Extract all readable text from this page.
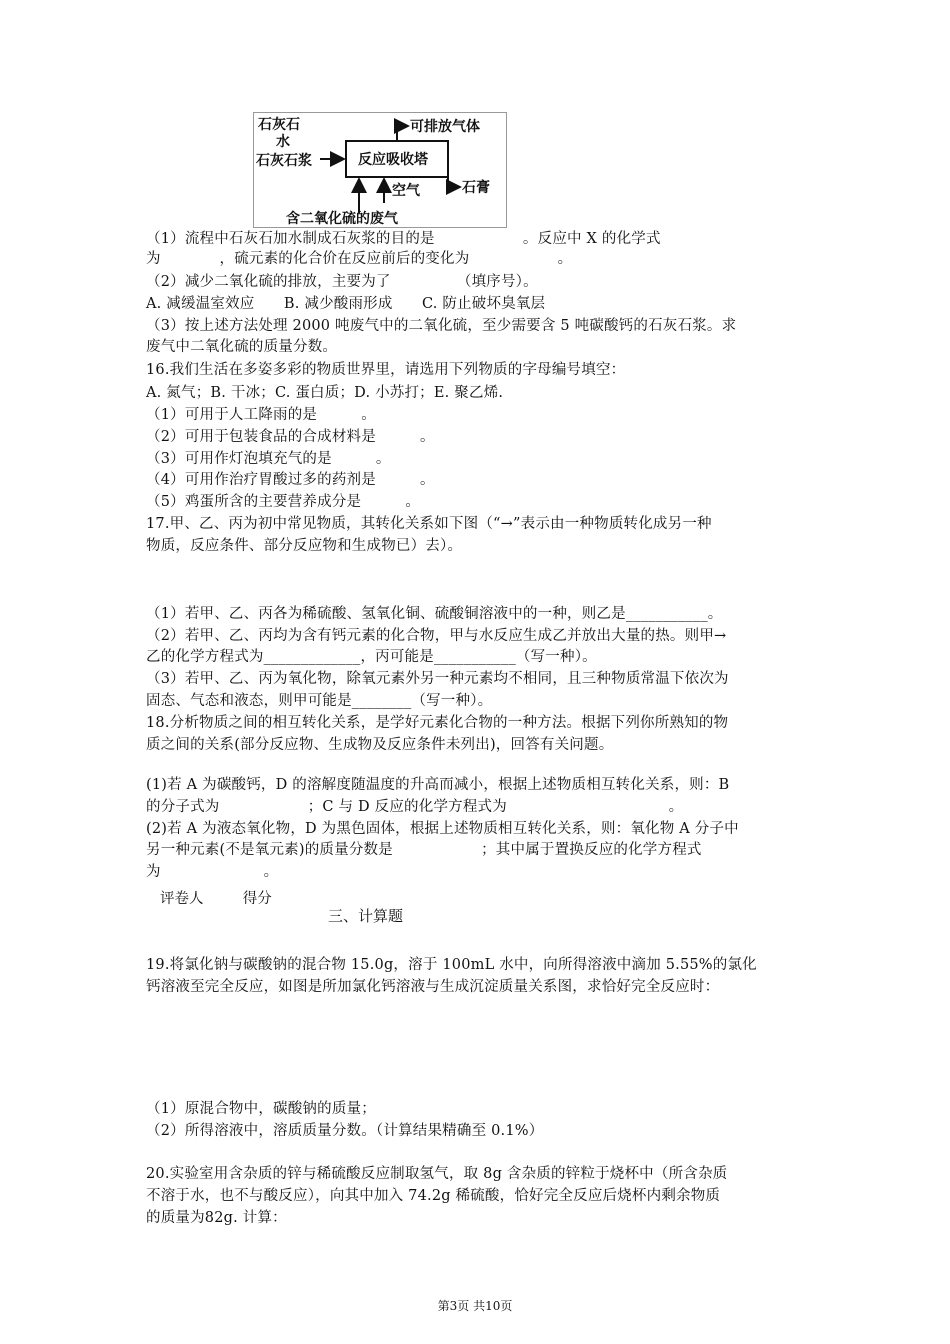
石灰石
水
石灰石浆	反应吸收塔
可排放气体
石膏
空气
含二氧化硫的废气
（1）流程中石灰石加水制成石灰浆的目的是　　　　　　。反应中 X 的化学式
为　　　　，硫元素的化合价在反应前后的变化为　　　　　　。
（2）减少二氧化硫的排放，主要为了　　　　　（填序号）。
A. 减缓温室效应　　B. 减少酸雨形成　　C. 防止破坏臭氧层
（3）按上述方法处理 2000 吨废气中的二氧化硫，至少需要含 5 吨碳酸钙的石灰石浆。求
废气中二氧化硫的质量分数。
16.我们生活在多姿多彩的物质世界里，请选用下列物质的字母编号填空：
A. 氮气；B. 干冰；C. 蛋白质；D. 小苏打；E. 聚乙烯.
（1）可用于人工降雨的是　　　。
（2）可用于包装食品的合成材料是　　　。
（3）可用作灯泡填充气的是　　　。
（4）可用作治疗胃酸过多的药剂是　　　。
（5）鸡蛋所含的主要营养成分是　　　。
17.甲、乙、丙为初中常见物质，其转化关系如下图（“→”表示由一种物质转化成另一种
物质，反应条件、部分反应物和生成物已）去）。
（1）若甲、乙、丙各为稀硫酸、氢氧化铜、硫酸铜溶液中的一种，则乙是___________。
（2）若甲、乙、丙均为含有钙元素的化合物，甲与水反应生成乙并放出大量的热。则甲→
乙的化学方程式为_____________，丙可能是___________（写一种）。
（3）若甲、乙、丙为氧化物，除氧元素外另一种元素均不相同，且三种物质常温下依次为
固态、气态和液态，则甲可能是________（写一种）。
18.分析物质之间的相互转化关系，是学好元素化合物的一种方法。根据下列你所熟知的物
质之间的关系(部分反应物、生成物及反应条件未列出)，回答有关问题。
(1)若 A 为碳酸钙，D 的溶解度随温度的升高而减小，根据上述物质相互转化关系，则：B
的分子式为　　　　　　；C 与 D 反应的化学方程式为　　　　　　　　　　　。
(2)若 A 为液态氧化物，D 为黑色固体，根据上述物质相互转化关系，则：氧化物 A 分子中
另一种元素(不是氧元素)的质量分数是　　　　　　；其中属于置换反应的化学方程式
为　　　　　　　。
评卷人	得分
三、计算题
19.将氯化钠与碳酸钠的混合物 15.0g，溶于 100mL 水中，向所得溶液中滴加 5.55%的氯化
钙溶液至完全反应，如图是所加氯化钙溶液与生成沉淀质量关系图，求恰好完全反应时：
（1）原混合物中，碳酸钠的质量；
（2）所得溶液中，溶质质量分数。（计算结果精确至 0.1%）
20.实验室用含杂质的锌与稀硫酸反应制取氢气，取 8g 含杂质的锌粒于烧杯中（所含杂质
不溶于水，也不与酸反应），向其中加入 74.2g 稀硫酸，恰好完全反应后烧杯内剩余物质
的质量为82g. 计算：
第3页 共10页
